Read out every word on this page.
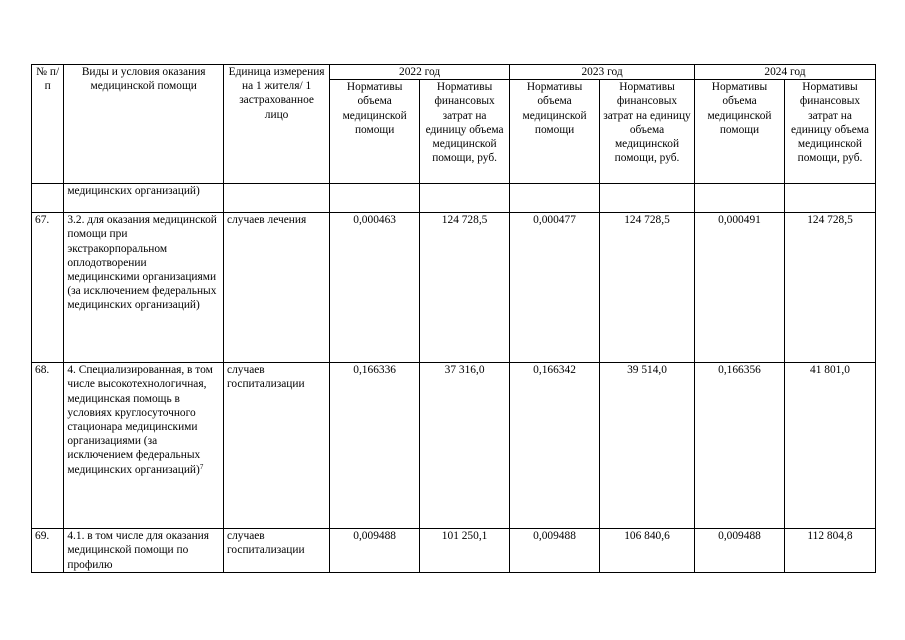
№ п/п	Виды и условия оказания медицинской помощи	Единица измерения на 1 жителя/ 1 застрахованное лицо	2022 год		2023 год		2024 год	
			Нормативы объема медицинской помощи	Нормативы финансовых затрат на единицу объема медицинской помощи, руб.	Нормативы объема медицинской помощи	Нормативы финансовых затрат на единицу объема медицинской помощи, руб.	Нормативы объема медицинской помощи	Нормативы финансовых затрат на единицу объема медицинской помощи, руб.
	медицинских организаций)							
67.	3.2. для оказания медицинской помощи при экстракорпоральном оплодотворении медицинскими организациями (за исключением федеральных медицинских организаций)	случаев лечения	0,000463	124 728,5	0,000477	124 728,5	0,000491	124 728,5
68.	4. Специализированная, в том числе высокотехнологичная, медицинская помощь в условиях круглосуточного стационара медицинскими организациями (за исключением федеральных медицинских организаций)$^7$	случаев госпитализации	0,166336	37 316,0	0,166342	39 514,0	0,166356	41 801,0
69.	4.1. в том числе для оказания медицинской помощи по профилю	случаев госпитализации	0,009488	101 250,1	0,009488	106 840,6	0,009488	112 804,8
